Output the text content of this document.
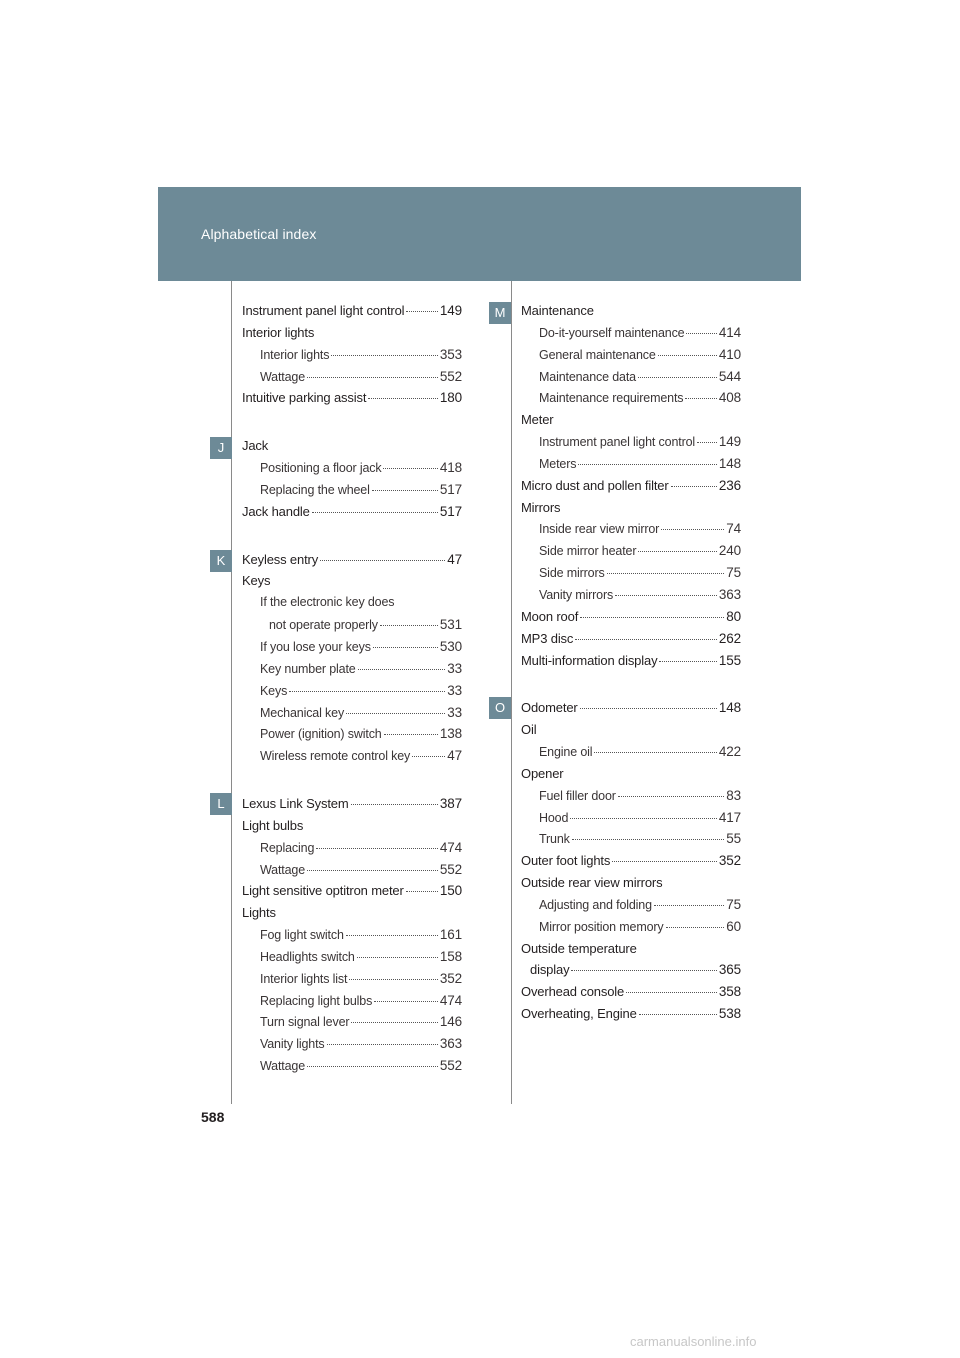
Alphabetical index
J
K
L
M
O
Instrument panel light control	149
Interior lights
Interior lights	353
Wattage	552
Intuitive parking assist	180
Jack
Positioning a floor jack	418
Replacing the wheel	517
Jack handle	517
Keyless entry	47
Keys
If the electronic key does
not operate properly	531
If you lose your keys	530
Key number plate	33
Keys	33
Mechanical key	33
Power (ignition) switch	138
Wireless remote control key	47
Lexus Link System	387
Light bulbs
Replacing	474
Wattage	552
Light sensitive optitron meter	150
Lights
Fog light switch	161
Headlights switch	158
Interior lights list	352
Replacing light bulbs	474
Turn signal lever	146
Vanity lights	363
Wattage	552
Maintenance
Do-it-yourself maintenance	414
General maintenance	410
Maintenance data	544
Maintenance requirements	408
Meter
Instrument panel light control 149
Meters	148
Micro dust and pollen filter	236
Mirrors
Inside rear view mirror	74
Side mirror heater	240
Side mirrors	75
Vanity mirrors	363
Moon roof	80
MP3 disc	262
Multi-information display	155
Odometer	148
Oil
Engine oil	422
Opener
Fuel filler door	83
Hood	417
Trunk	55
Outer foot lights	352
Outside rear view mirrors
Adjusting and folding	75
Mirror position memory	60
Outside temperature
display	365
Overhead console	358
Overheating, Engine	538
588
carmanualsonline.info
